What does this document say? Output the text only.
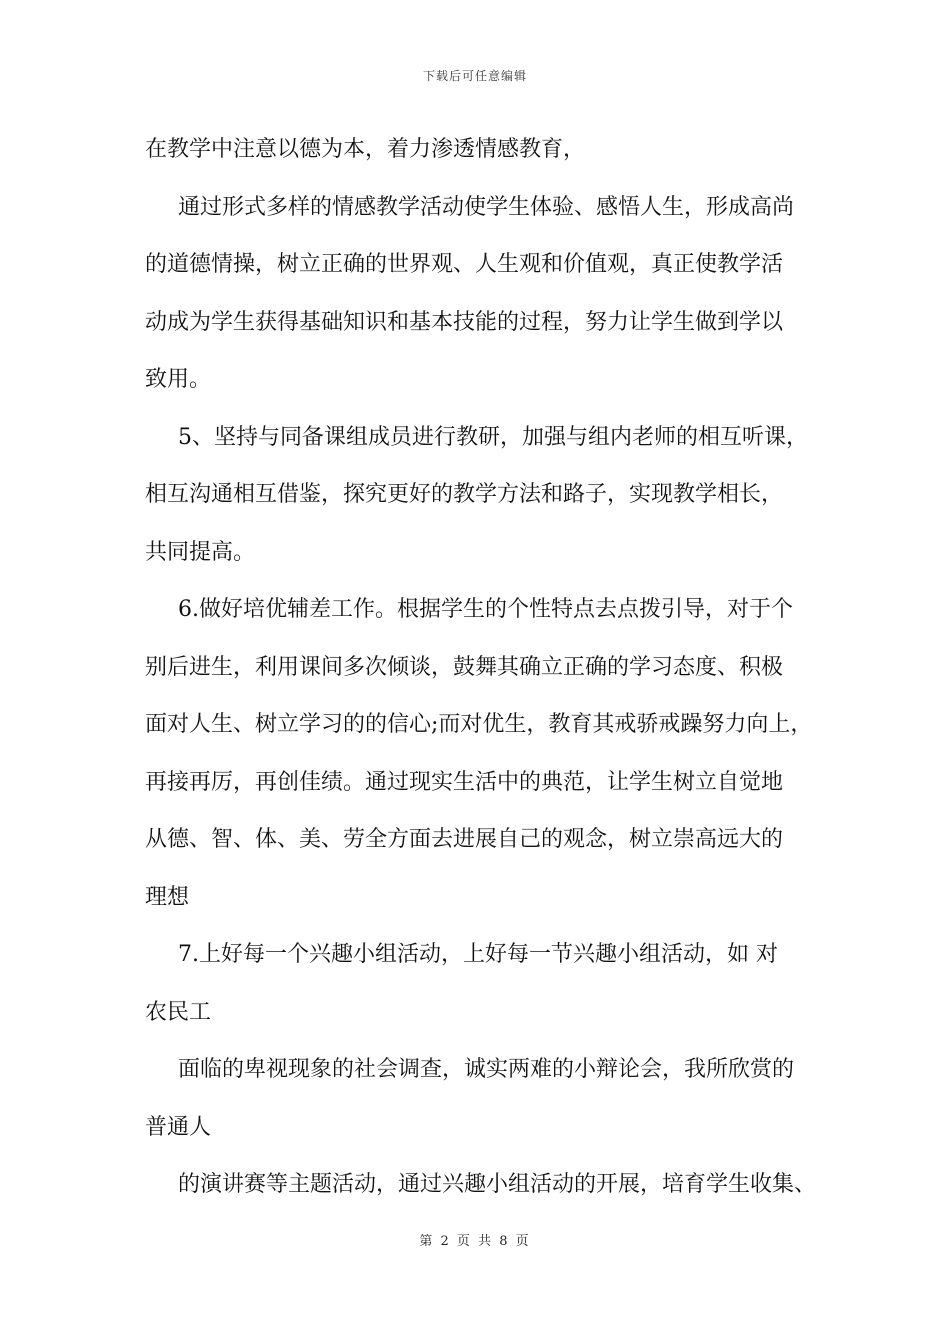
下载后可任意编辑
在教学中注意以德为本，着力渗透情感教育，
通过形式多样的情感教学活动使学生体验、感悟人生，形成高尚
的道德情操，树立正确的世界观、人生观和价值观，真正使教学活
动成为学生获得基础知识和基本技能的过程，努力让学生做到学以
致用。
5、坚持与同备课组成员进行教研，加强与组内老师的相互听课，
相互沟通相互借鉴，探究更好的教学方法和路子，实现教学相长，
共同提高。
6.做好培优辅差工作。根据学生的个性特点去点拨引导，对于个
别后进生，利用课间多次倾谈，鼓舞其确立正确的学习态度、积极
面对人生、树立学习的的信心;而对优生，教育其戒骄戒躁努力向上，
再接再厉，再创佳绩。通过现实生活中的典范，让学生树立自觉地
从德、智、体、美、劳全方面去进展自己的观念，树立崇高远大的
理想
7.上好每一个兴趣小组活动，上好每一节兴趣小组活动，如 对
农民工
面临的卑视现象的社会调查，诚实两难的小辩论会，我所欣赏的
普通人
的演讲赛等主题活动，通过兴趣小组活动的开展，培育学生收集、
第 2 页 共 8 页
